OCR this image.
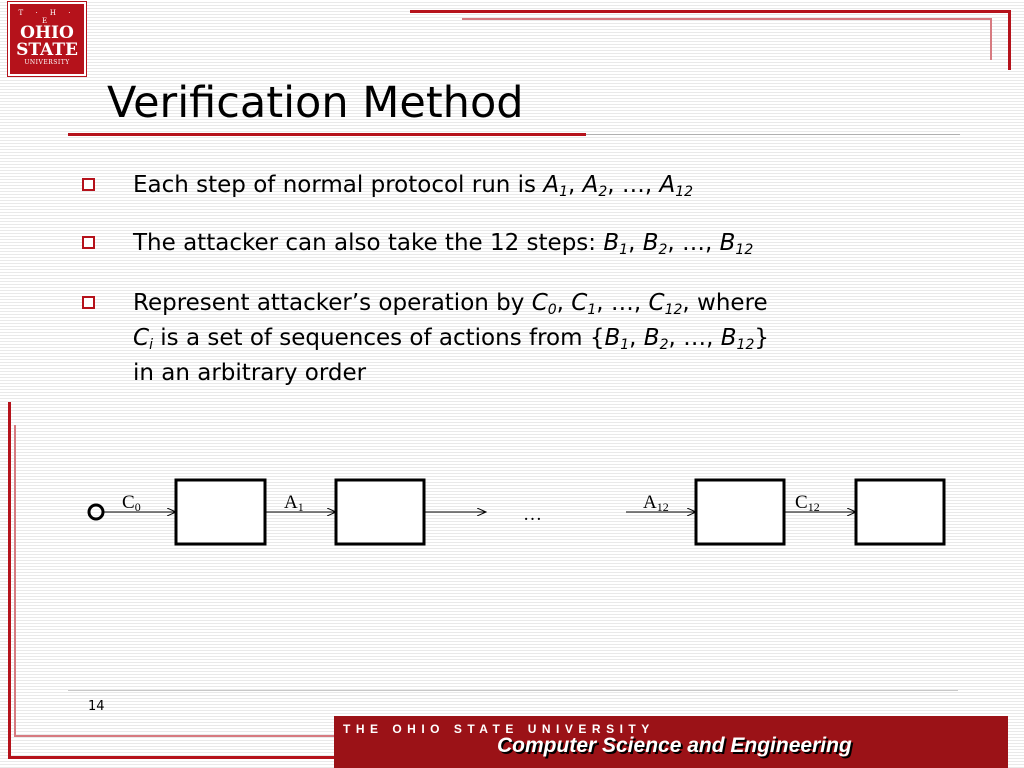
T · H · E
OHIO
STATE
UNIVERSITY
Verification Method
Each step of normal protocol run is $A_1$, $A_2$, …, $A_{12}$
The attacker can also take the 12 steps: $B_1$, $B_2$, …, $B_{12}$
Represent attacker’s operation by $C_0$, $C_1$, …, $C_{12}$, where
$C_i$ is a set of sequences of actions from {$B_1$, $B_2$, …, $B_{12}$}
in an arbitrary order
…
C0	A1	A12	C12
14
THE OHIO STATE UNIVERSITY
Computer Science and Engineering
